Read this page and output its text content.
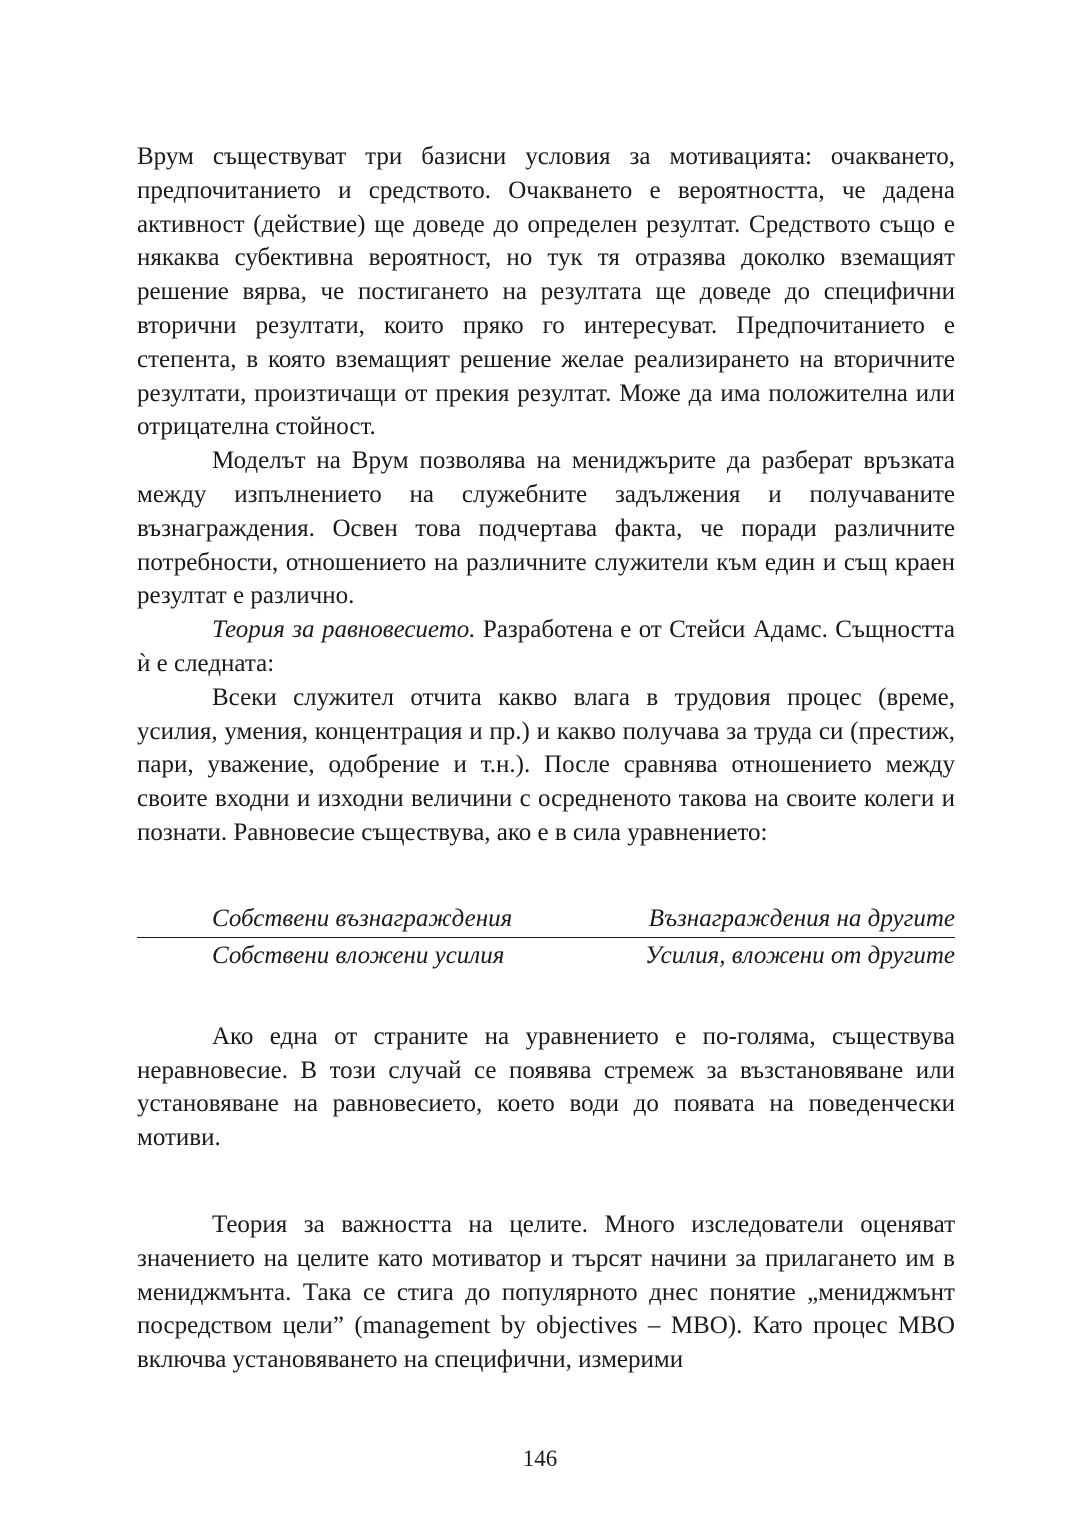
Врум съществуват три базисни условия за мотивацията: очакването, предпочитанието и средството. Очакването е вероятността, че дадена активност (действие) ще доведе до определен резултат. Средството също е някаква субективна вероятност, но тук тя отразява доколко вземащият решение вярва, че постигането на резултата ще доведе до специфични вторични резултати, които пряко го интересуват. Предпочитанието е степента, в която вземащият решение желае реализирането на вторичните резултати, произтичащи от прекия резултат. Може да има положителна или отрицателна стойност.

Моделът на Врум позволява на мениджърите да разберат връзката между изпълнението на служебните задължения и получаваните възнаграждения. Освен това подчертава факта, че поради различните потребности, отношението на различните служители към един и същ краен резултат е различно.

Теория за равновесието. Разработена е от Стейси Адамс. Същността ѝ е следната:

Всеки служител отчита какво влага в трудовия процес (време, усилия, умения, концентрация и пр.) и какво получава за труда си (престиж, пари, уважение, одобрение и т.н.). После сравнява отношението между своите входни и изходни величини с осредненото такова на своите колеги и познати. Равновесие съществува, ако е в сила уравнението:

Собствени възнаграждения	Възнаграждения на другите
Собствени вложени усилия	Усилия, вложени от другите

Ако една от страните на уравнението е по-голяма, съществува неравновесие. В този случай се появява стремеж за възстановяване или установяване на равновесието, което води до появата на поведенчески мотиви.

Теория за важността на целите. Много изследователи оценяват значението на целите като мотиватор и търсят начини за прилагането им в мениджмънта. Така се стига до популярното днес понятие „мениджмънт посредством цели” (management by objectives – MBO). Като процес MBO включва установяването на специфични, измерими

146
